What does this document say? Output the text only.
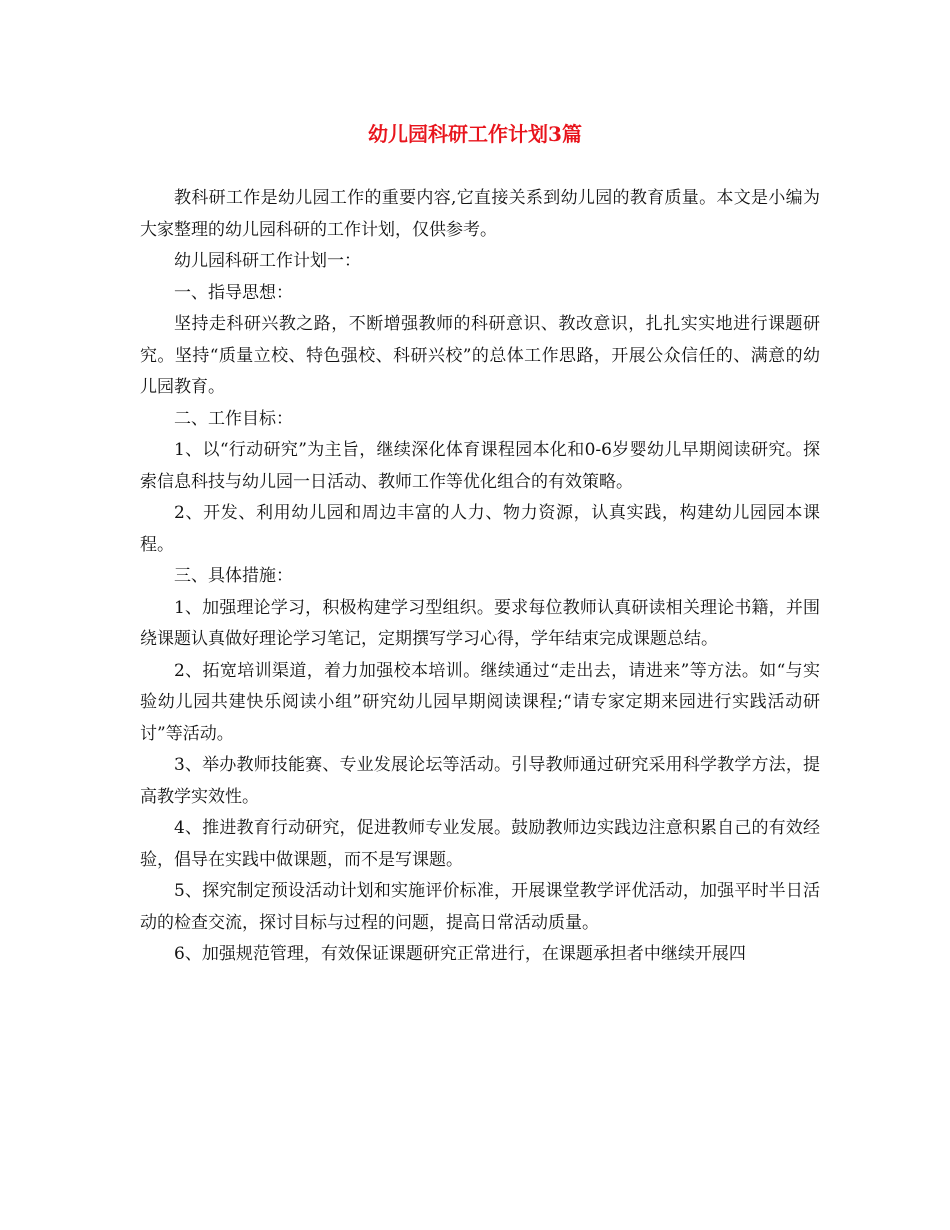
幼儿园科研工作计划3篇

教科研工作是幼儿园工作的重要内容,它直接关系到幼儿园的教育质量。本文是小编为大家整理的幼儿园科研的工作计划，仅供参考。

幼儿园科研工作计划一：

一、指导思想：

坚持走科研兴教之路，不断增强教师的科研意识、教改意识，扎扎实实地进行课题研究。坚持“质量立校、特色强校、科研兴校”的总体工作思路，开展公众信任的、满意的幼儿园教育。

二、工作目标：

1、以“行动研究”为主旨，继续深化体育课程园本化和0-6岁婴幼儿早期阅读研究。探索信息科技与幼儿园一日活动、教师工作等优化组合的有效策略。

2、开发、利用幼儿园和周边丰富的人力、物力资源，认真实践，构建幼儿园园本课程。

三、具体措施：

1、加强理论学习，积极构建学习型组织。要求每位教师认真研读相关理论书籍，并围绕课题认真做好理论学习笔记，定期撰写学习心得，学年结束完成课题总结。

2、拓宽培训渠道，着力加强校本培训。继续通过“走出去，请进来”等方法。如“与实验幼儿园共建快乐阅读小组”研究幼儿园早期阅读课程;“请专家定期来园进行实践活动研讨”等活动。

3、举办教师技能赛、专业发展论坛等活动。引导教师通过研究采用科学教学方法，提高教学实效性。

4、推进教育行动研究，促进教师专业发展。鼓励教师边实践边注意积累自己的有效经验，倡导在实践中做课题，而不是写课题。

5、探究制定预设活动计划和实施评价标准，开展课堂教学评优活动，加强平时半日活动的检查交流，探讨目标与过程的问题，提高日常活动质量。

6、加强规范管理，有效保证课题研究正常进行，在课题承担者中继续开展四
